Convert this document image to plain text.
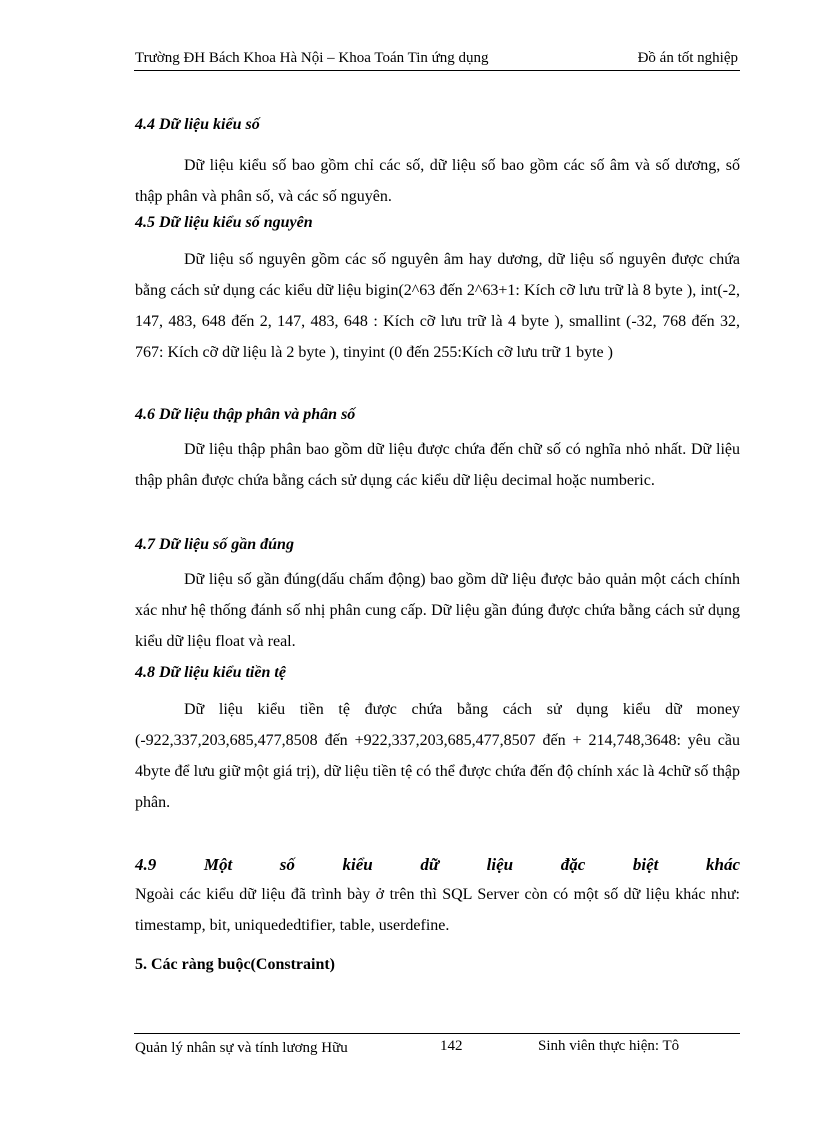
Trường ĐH Bách Khoa Hà Nội – Khoa Toán Tin ứng dụng	Đồ án tốt nghiệp
4.4 Dữ liệu kiểu số

Dữ liệu kiểu số bao gồm chỉ các số, dữ liệu số bao gồm các số âm và số dương, số thập phân và phân số, và các số nguyên.

4.5 Dữ liệu kiểu số nguyên

Dữ liệu số nguyên gồm các số nguyên âm hay dương, dữ liệu số nguyên được chứa bằng cách sử dụng các kiểu dữ liệu bigin(2^63 đến 2^63+1: Kích cỡ lưu trữ là 8 byte ), int(-2, 147, 483, 648 đến 2, 147, 483, 648 : Kích cỡ lưu trữ là 4 byte ), smallint (-32, 768 đến 32, 767: Kích cỡ dữ liệu là 2 byte ), tinyint (0 đến 255:Kích cỡ lưu trữ 1 byte )

4.6 Dữ liệu thập phân và phân số

Dữ liệu thập phân bao gồm dữ liệu được chứa đến chữ số có nghĩa nhỏ nhất. Dữ liệu thập phân được chứa bằng cách sử dụng các kiểu dữ liệu decimal hoặc numberic.

4.7 Dữ liệu số gần đúng

Dữ liệu số gần đúng(dấu chấm động) bao gồm dữ liệu được bảo quản một cách chính xác như hệ thống đánh số nhị phân cung cấp. Dữ liệu gần đúng được chứa bằng cách sử dụng kiểu dữ liệu float và real.

4.8 Dữ liệu kiểu tiền tệ

Dữ liệu kiểu tiền tệ được chứa bằng cách sử dụng kiểu dữ money (-922,337,203,685,477,8508 đến +922,337,203,685,477,8507 đến + 214,748,3648: yêu cầu 4byte để lưu giữ một giá trị), dữ liệu tiền tệ có thể được chứa đến độ chính xác là 4chữ số thập phân.

4.9 Một số kiểu dữ liệu đặc biệt khác

Ngoài các kiểu dữ liệu đã trình bày ở trên thì SQL Server còn có một số dữ liệu khác như: timestamp, bit, uniquededtifier, table, userdefine.

5. Các ràng buộc(Constraint)
Quản lý nhân sự và tính lương Hữu	142	Sinh viên thực hiện: Tô
